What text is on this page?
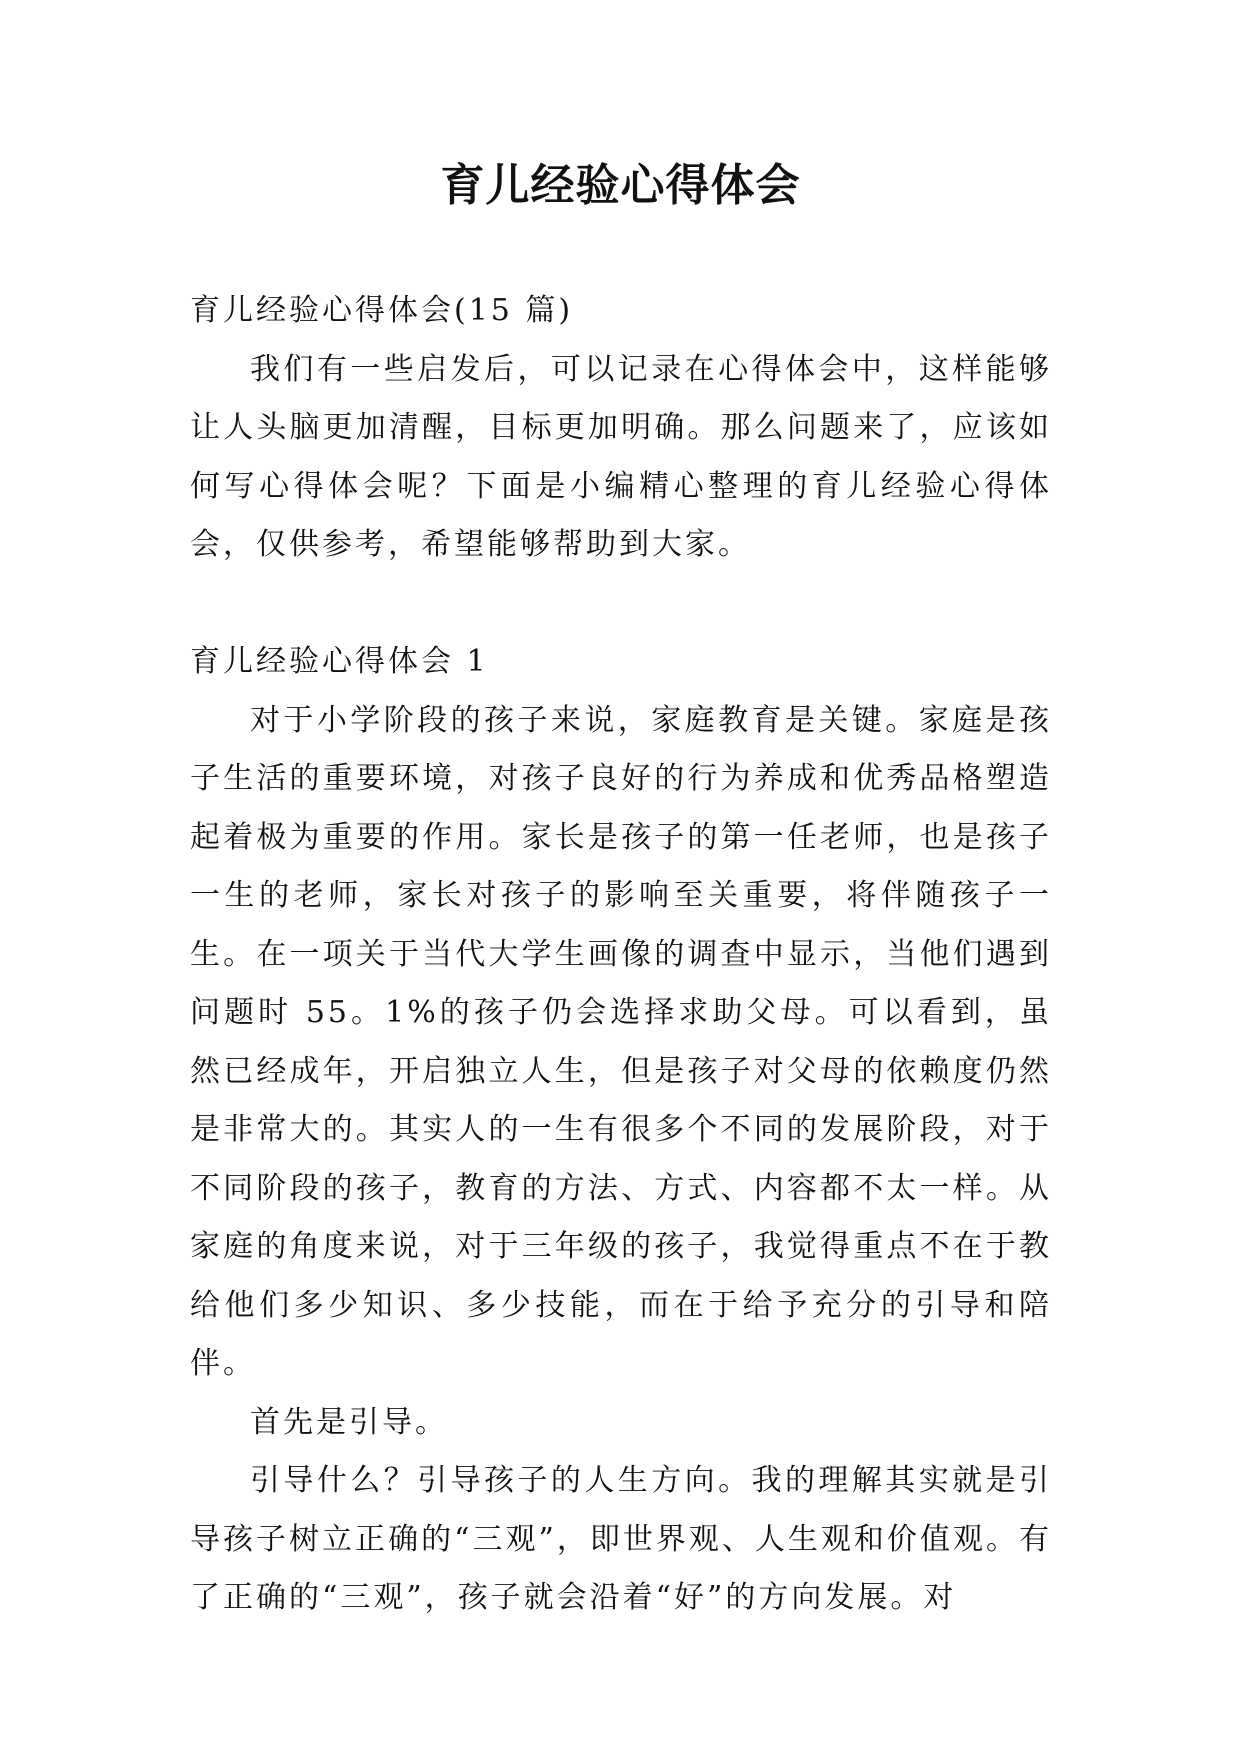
育儿经验心得体会

育儿经验心得体会(15 篇)

我们有一些启发后，可以记录在心得体会中，这样能够让人头脑更加清醒，目标更加明确。那么问题来了，应该如何写心得体会呢？下面是小编精心整理的育儿经验心得体会，仅供参考，希望能够帮助到大家。

育儿经验心得体会 1

对于小学阶段的孩子来说，家庭教育是关键。家庭是孩子生活的重要环境，对孩子良好的行为养成和优秀品格塑造起着极为重要的作用。家长是孩子的第一任老师，也是孩子一生的老师，家长对孩子的影响至关重要，将伴随孩子一生。在一项关于当代大学生画像的调查中显示，当他们遇到问题时 55。1%的孩子仍会选择求助父母。可以看到，虽然已经成年，开启独立人生，但是孩子对父母的依赖度仍然是非常大的。其实人的一生有很多个不同的发展阶段，对于不同阶段的孩子，教育的方法、方式、内容都不太一样。从家庭的角度来说，对于三年级的孩子，我觉得重点不在于教给他们多少知识、多少技能，而在于给予充分的引导和陪伴。

首先是引导。

引导什么？引导孩子的人生方向。我的理解其实就是引导孩子树立正确的“三观”，即世界观、人生观和价值观。有了正确的“三观”，孩子就会沿着“好”的方向发展。对
